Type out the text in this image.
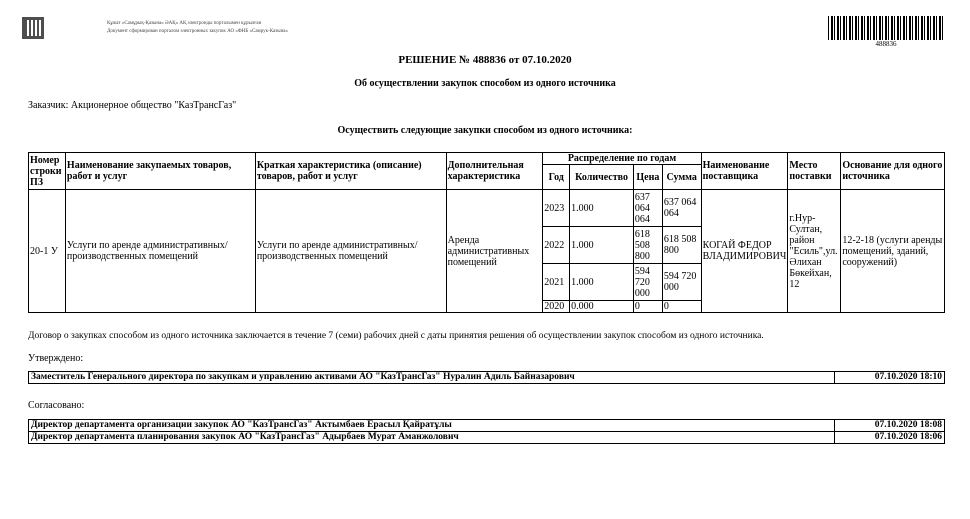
Құжат «Самұрық-Қазына» ӘАҚ» АҚ электронды порталымен құрылған
Документ сформирован порталом электронных закупок АО «ФНБ «Самрук-Казына»
488836
РЕШЕНИЕ № 488836 от 07.10.2020
Об осуществлении закупок способом из одного источника
Заказчик: Акционерное общество "КазТрансГаз"
Осуществить следующие закупки способом из одного источника:
Номер строки ПЗ	Наименование закупаемых товаров, работ и услуг	Краткая характеристика (описание) товаров, работ и услуг	Дополнительная характеристика	Распределение по годам				Наименование поставщика	Место поставки	Основание для одного источника
				Год	Количество	Цена	Сумма			
20-1 У	Услуги по аренде административных/производственных помещений	Услуги по аренде административных/производственных помещений	Аренда административных помещений	2023	1.000	637 064 064	637 064 064	КОГАЙ ФЕДОР ВЛАДИМИРОВИЧ	г.Нур-Султан, район "Есиль",ул. Әлихан Бөкейхан, 12	12-2-18 (услуги аренды помещений, зданий, сооружений)
				2022	1.000	618 508 800	618 508 800			
				2021	1.000	594 720 000	594 720 000			
				2020	0.000	0	0			
Договор о закупках способом из одного источника заключается в течение 7 (семи) рабочих дней с даты принятия решения об осуществлении закупок способом из одного источника.
Утверждено:
Заместитель Генерального директора по закупкам и управлению активами АО "КазТрансГаз" Нуралин Адиль Байназарович	07.10.2020 18:10
Согласовано:
Директор департамента организации закупок АО "КазТрансГаз" Актымбаев Ерасыл Қайратұлы	07.10.2020 18:08
Директор департамента планирования закупок АО "КазТрансГаз" Адырбаев Мурат Аманжолович	07.10.2020 18:06
